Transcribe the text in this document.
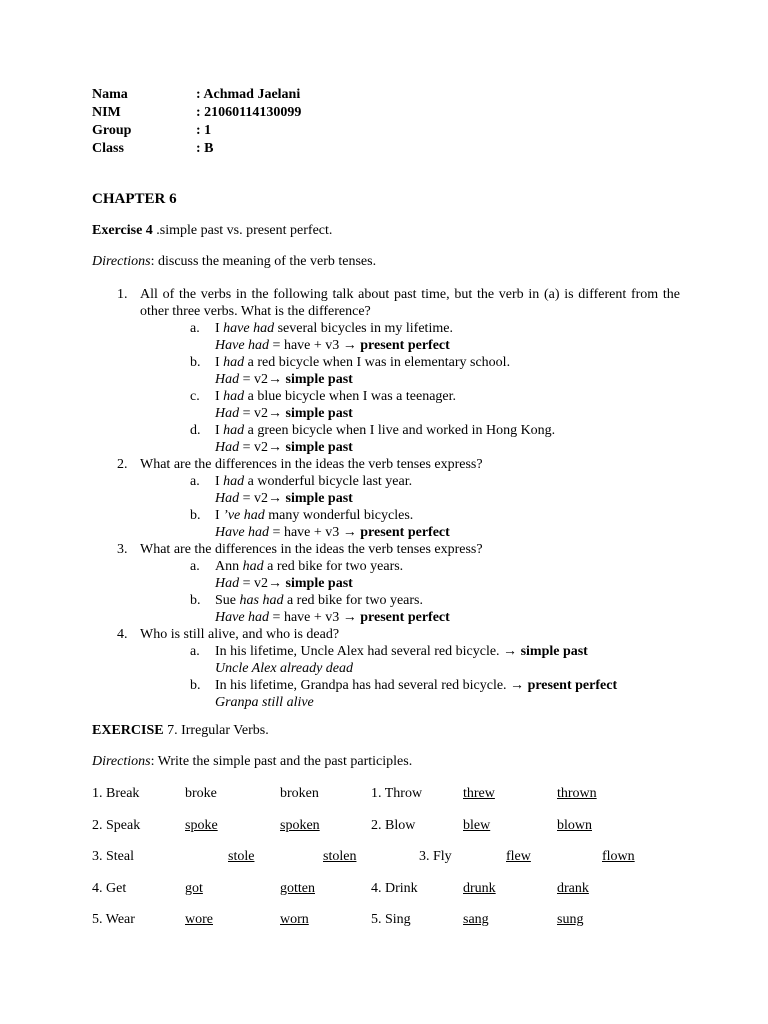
Nama	: Achmad Jaelani
NIM	: 21060114130099
Group	: 1
Class	: B
CHAPTER 6
Exercise 4 .simple past vs. present perfect.
Directions: discuss the meaning of the verb tenses.
1. All of the verbs in the following talk about past time, but the verb in (a) is different from the other three verbs. What is the difference?
a.	I have had several bicycles in my lifetime.
Have had = have + v3 → present perfect
b.	I had a red bicycle when I was in elementary school.
Had = v2→ simple past
c.	I had a blue bicycle when I was a teenager.
Had = v2→ simple past
d.	I had a green bicycle when I live and worked in Hong Kong.
Had = v2→ simple past
2. What are the differences in the ideas the verb tenses express?
a.	I had a wonderful bicycle last year.
Had = v2→ simple past
b.	I ’ve had many wonderful bicycles.
Have had = have + v3 → present perfect
3. What are the differences in the ideas the verb tenses express?
a.	Ann had a red bike for two years.
Had = v2→ simple past
b.	Sue has had a red bike for two years.
Have had = have + v3 → present perfect
4. Who is still alive, and who is dead?
a.	In his lifetime, Uncle Alex had several red bicycle. → simple past
Uncle Alex already dead
b.	In his lifetime, Grandpa has had several red bicycle. → present perfect
Granpa still alive
EXERCISE 7. Irregular Verbs.
Directions: Write the simple past and the past participles.
1. Break	broke	broken	1. Throw	threw	thrown
2. Speak	spoke	spoken	2. Blow	blew	blown
3. Steal	stole	stolen	3. Fly	flew	flown
4. Get	got	gotten	4. Drink	drunk	drank
5. Wear	wore	worn	5. Sing	sang	sung
